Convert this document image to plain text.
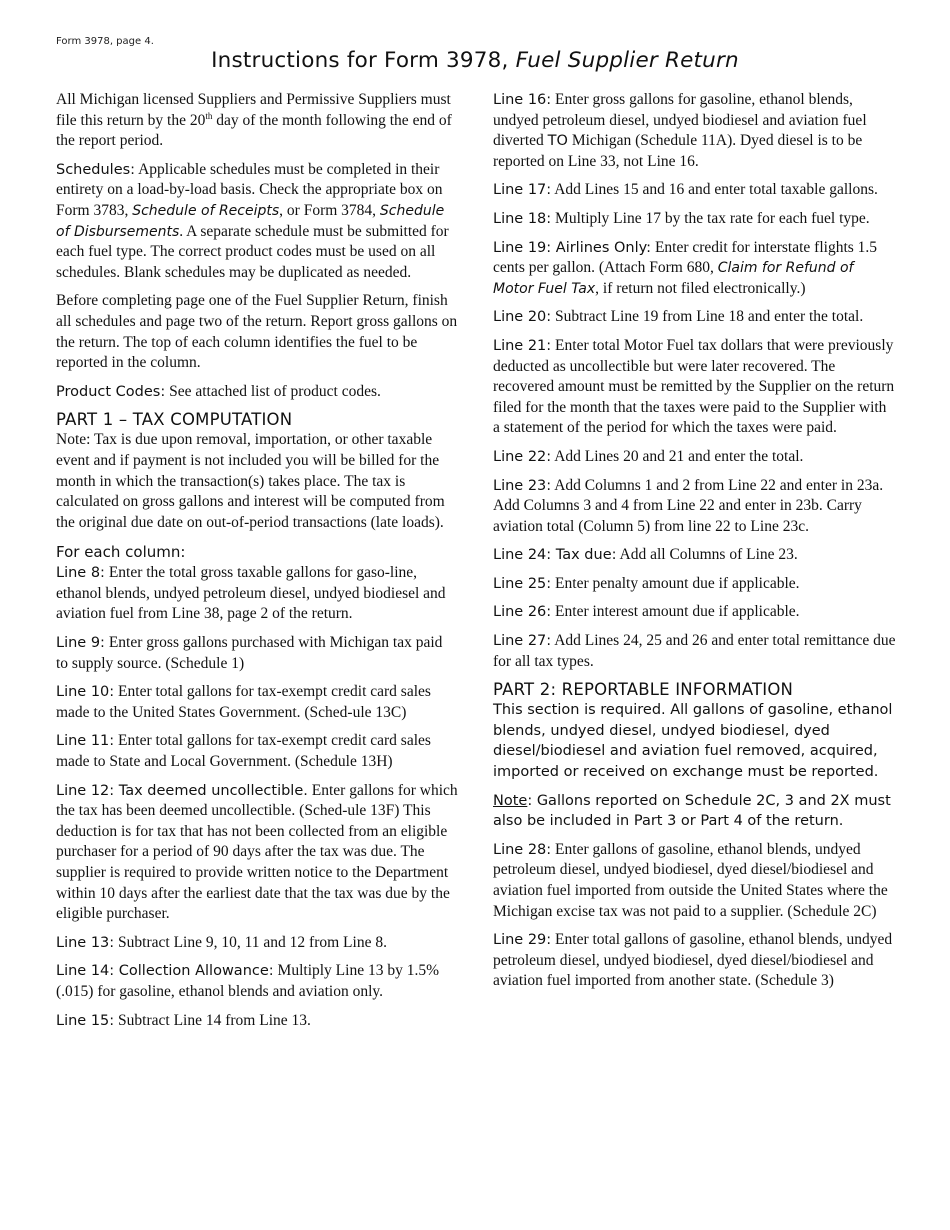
Form 3978, page 4.
Instructions for Form 3978, Fuel Supplier Return

All Michigan licensed Suppliers and Permissive Suppliers must file this return by the 20th day of the month following the end of the report period.

Schedules: Applicable schedules must be completed in their entirety on a load-by-load basis. Check the appropriate box on Form 3783, Schedule of Receipts, or Form 3784, Schedule of Disbursements. A separate schedule must be submitted for each fuel type. The correct product codes must be used on all schedules. Blank schedules may be duplicated as needed.

Before completing page one of the Fuel Supplier Return, finish all schedules and page two of the return. Report gross gallons on the return. The top of each column identifies the fuel to be reported in the column.

Product Codes: See attached list of product codes.

PART 1 – TAX COMPUTATION

Note: Tax is due upon removal, importation, or other taxable event and if payment is not included you will be billed for the month in which the transaction(s) takes place. The tax is calculated on gross gallons and interest will be computed from the original due date on out-of-period transactions (late loads).

For each column:

Line 8: Enter the total gross taxable gallons for gaso-line, ethanol blends, undyed petroleum diesel, undyed biodiesel and aviation fuel from Line 38, page 2 of the return.

Line 9: Enter gross gallons purchased with Michigan tax paid to supply source. (Schedule 1)

Line 10: Enter total gallons for tax-exempt credit card sales made to the United States Government. (Sched-ule 13C)

Line 11: Enter total gallons for tax-exempt credit card sales made to State and Local Government. (Schedule 13H)

Line 12: Tax deemed uncollectible. Enter gallons for which the tax has been deemed uncollectible. (Sched-ule 13F) This deduction is for tax that has not been collected from an eligible purchaser for a period of 90 days after the tax was due. The supplier is required to provide written notice to the Department within 10 days after the earliest date that the tax was due by the eligible purchaser.

Line 13: Subtract Line 9, 10, 11 and 12 from Line 8.

Line 14: Collection Allowance: Multiply Line 13 by 1.5% (.015) for gasoline, ethanol blends and aviation only.

Line 15: Subtract Line 14 from Line 13.

Line 16: Enter gross gallons for gasoline, ethanol blends, undyed petroleum diesel, undyed biodiesel and aviation fuel diverted TO Michigan (Schedule 11A). Dyed diesel is to be reported on Line 33, not Line 16.

Line 17: Add Lines 15 and 16 and enter total taxable gallons.

Line 18: Multiply Line 17 by the tax rate for each fuel type.

Line 19: Airlines Only: Enter credit for interstate flights 1.5 cents per gallon. (Attach Form 680, Claim for Refund of Motor Fuel Tax, if return not filed electronically.)

Line 20: Subtract Line 19 from Line 18 and enter the total.

Line 21: Enter total Motor Fuel tax dollars that were previously deducted as uncollectible but were later recovered. The recovered amount must be remitted by the Supplier on the return filed for the month that the taxes were paid to the Supplier with a statement of the period for which the taxes were paid.

Line 22: Add Lines 20 and 21 and enter the total.

Line 23: Add Columns 1 and 2 from Line 22 and enter in 23a. Add Columns 3 and 4 from Line 22 and enter in 23b. Carry aviation total (Column 5) from line 22 to Line 23c.

Line 24: Tax due: Add all Columns of Line 23.

Line 25: Enter penalty amount due if applicable.

Line 26: Enter interest amount due if applicable.

Line 27: Add Lines 24, 25 and 26 and enter total remittance due for all tax types.

PART 2: REPORTABLE INFORMATION

This section is required. All gallons of gasoline, ethanol blends, undyed diesel, undyed biodiesel, dyed diesel/biodiesel and aviation fuel removed, acquired, imported or received on exchange must be reported.

Note: Gallons reported on Schedule 2C, 3 and 2X must also be included in Part 3 or Part 4 of the return.

Line 28: Enter gallons of gasoline, ethanol blends, undyed petroleum diesel, undyed biodiesel, dyed diesel/biodiesel and aviation fuel imported from outside the United States where the Michigan excise tax was not paid to a supplier. (Schedule 2C)

Line 29: Enter total gallons of gasoline, ethanol blends, undyed petroleum diesel, undyed biodiesel, dyed diesel/biodiesel and aviation fuel imported from another state. (Schedule 3)
